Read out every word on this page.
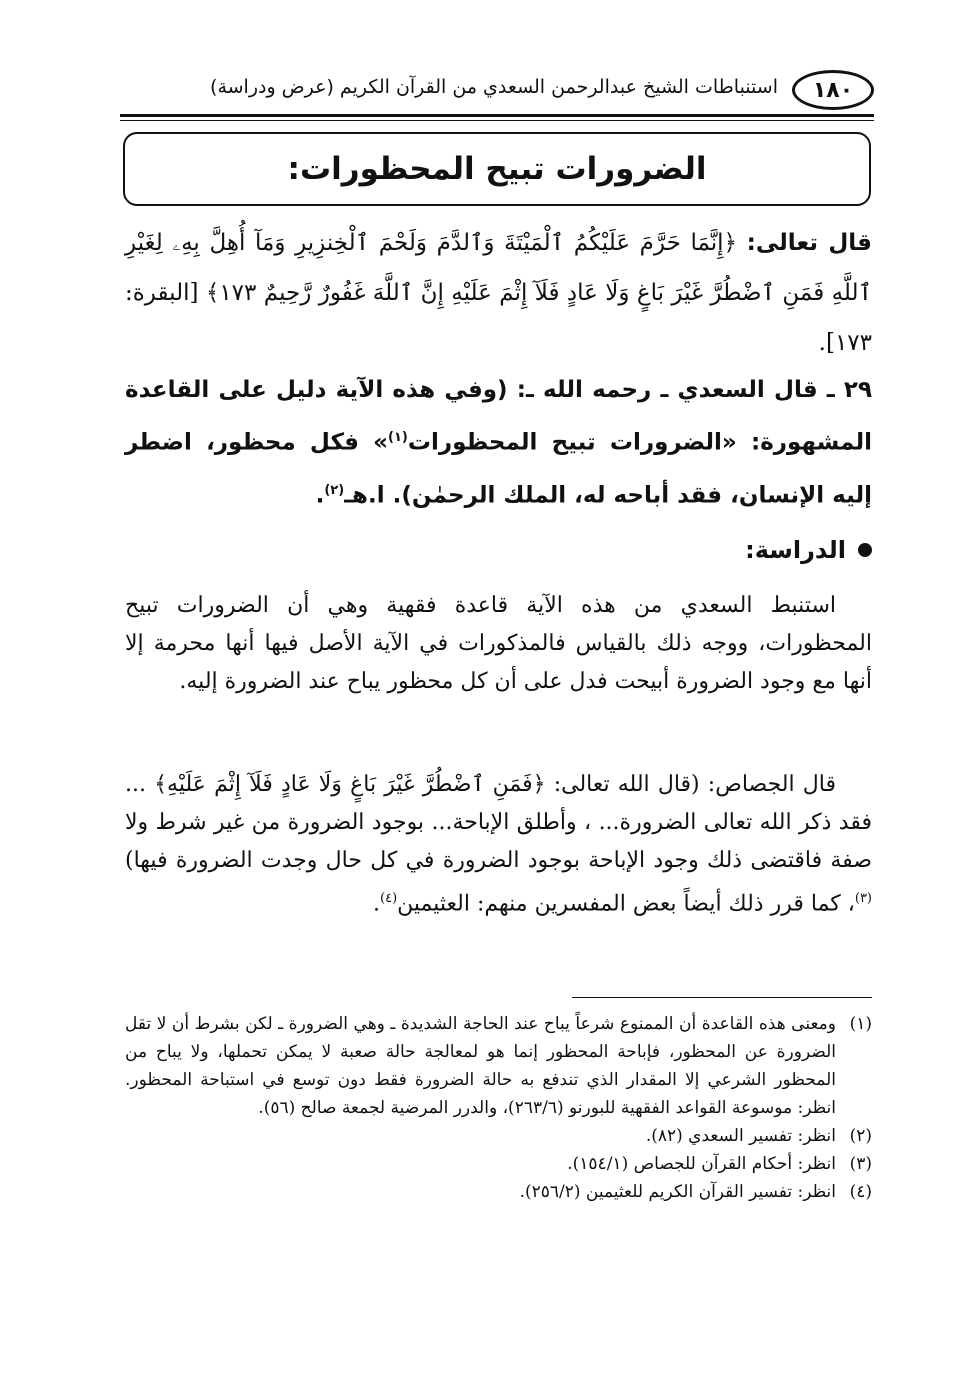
١٨٠
استنباطات الشيخ عبدالرحمن السعدي من القرآن الكريم (عرض ودراسة)
الضرورات تبيح المحظورات:
قال تعالى: ﴿إِنَّمَا حَرَّمَ عَلَيْكُمُ ٱلْمَيْتَةَ وَٱلدَّمَ وَلَحْمَ ٱلْخِنزِيرِ وَمَآ أُهِلَّ بِهِۦ لِغَيْرِ ٱللَّهِ فَمَنِ ٱضْطُرَّ غَيْرَ بَاغٍ وَلَا عَادٍ فَلَآ إِثْمَ عَلَيْهِ إِنَّ ٱللَّهَ غَفُورٌ رَّحِيمٌ ١٧٣﴾ [البقرة: ١٧٣].
٢٩ ـ قال السعدي ـ رحمه الله ـ: (وفي هذه الآية دليل على القاعدة المشهورة: «الضرورات تبيح المحظورات$^{(١)}$» فكل محظور، اضطر إليه الإنسان، فقد أباحه له، الملك الرحمٰن). ا.هـ$^{(٢)}$.
الدراسة:
استنبط السعدي من هذه الآية قاعدة فقهية وهي أن الضرورات تبيح المحظورات، ووجه ذلك بالقياس فالمذكورات في الآية الأصل فيها أنها محرمة إلا أنها مع وجود الضرورة أبيحت فدل على أن كل محظور يباح عند الضرورة إليه.
قال الجصاص: (قال الله تعالى: ﴿فَمَنِ ٱضْطُرَّ غَيْرَ بَاغٍ وَلَا عَادٍ فَلَآ إِثْمَ عَلَيْهِ﴾ ... فقد ذكر الله تعالى الضرورة... ، وأطلق الإباحة... بوجود الضرورة من غير شرط ولا صفة فاقتضى ذلك وجود الإباحة بوجود الضرورة في كل حال وجدت الضرورة فيها)$^{(٣)}$، كما قرر ذلك أيضاً بعض المفسرين منهم: العثيمين$^{(٤)}$.
(١)
ومعنى هذه القاعدة أن الممنوع شرعاً يباح عند الحاجة الشديدة ـ وهي الضرورة ـ لكن بشرط أن لا تقل الضرورة عن المحظور، فإباحة المحظور إنما هو لمعالجة حالة صعبة لا يمكن تحملها، ولا يباح من المحظور الشرعي إلا المقدار الذي تندفع به حالة الضرورة فقط دون توسع في استباحة المحظور. انظر: موسوعة القواعد الفقهية للبورنو (٢٦٣/٦)، والدرر المرضية لجمعة صالح (٥٦).
(٢)
انظر: تفسير السعدي (٨٢).
(٣)
انظر: أحكام القرآن للجصاص (١٥٤/١).
(٤)
انظر: تفسير القرآن الكريم للعثيمين (٢٥٦/٢).
